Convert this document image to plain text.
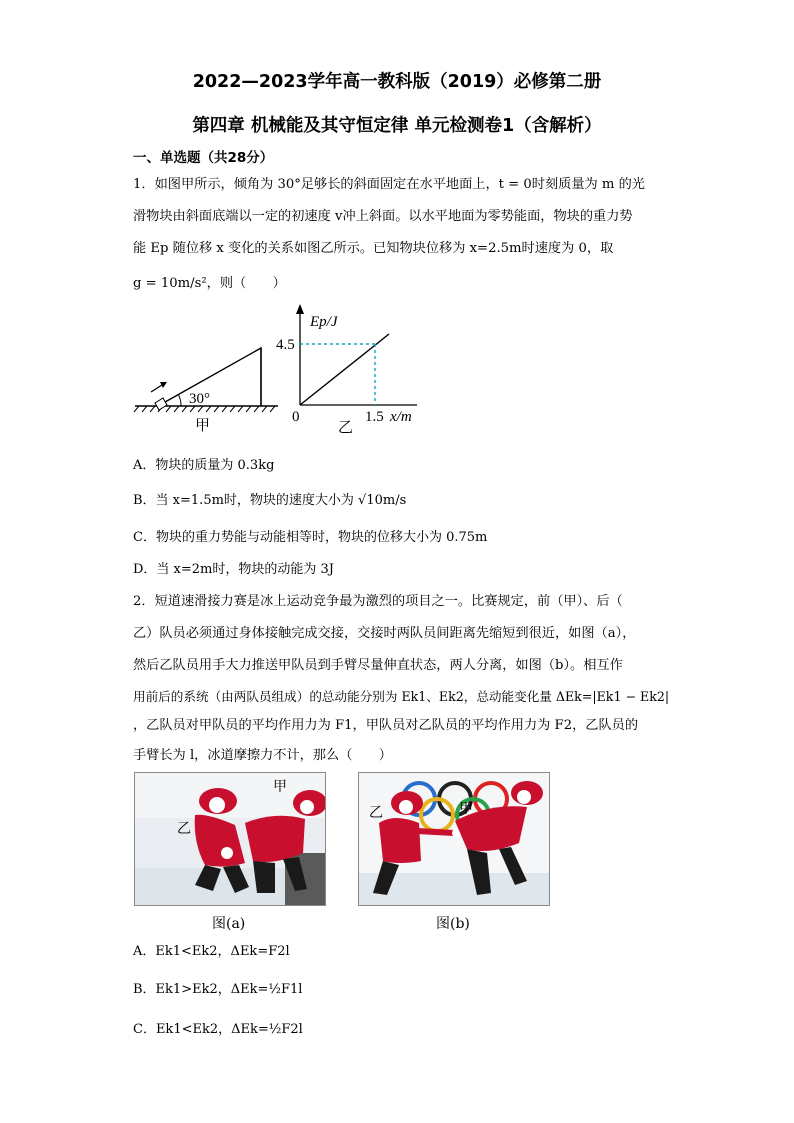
2022—2023学年高一教科版（2019）必修第二册
第四章 机械能及其守恒定律 单元检测卷1（含解析）
一、单选题（共28分）
1．如图甲所示，倾角为 30°足够长的斜面固定在水平地面上，t = 0时刻质量为 m 的光
滑物块由斜面底端以一定的初速度 v冲上斜面。以水平地面为零势能面，物块的重力势
能 Ep 随位移 x 变化的关系如图乙所示。已知物块位移为 x=2.5m时速度为 0，取
g = 10m/s²，则（　　）
30°
甲
Ep/J
4.5
0	1.5 x/m
乙
A．物块的质量为 0.3kg
B．当 x=1.5m时，物块的速度大小为 √10m/s
C．物块的重力势能与动能相等时，物块的位移大小为 0.75m
D．当 x=2m时，物块的动能为 3J
2．短道速滑接力赛是冰上运动竞争最为激烈的项目之一。比赛规定，前（甲）、后（
乙）队员必须通过身体接触完成交接，交接时两队员间距离先缩短到很近，如图（a），
然后乙队员用手大力推送甲队员到手臂尽量伸直状态，两人分离，如图（b）。相互作
用前后的系统（由两队员组成）的总动能分别为 Ek1、Ek2，总动能变化量 ΔEk=|Ek1 − Ek2|
，乙队员对甲队员的平均作用力为 F1，甲队员对乙队员的平均作用力为 F2，乙队员的
手臂长为 l，冰道摩擦力不计，那么（　　）
乙
甲
图(a)
乙	甲
图(b)
A．Ek1<Ek2，ΔEk=F2l
B．Ek1>Ek2，ΔEk=½F1l
C．Ek1<Ek2，ΔEk=½F2l
